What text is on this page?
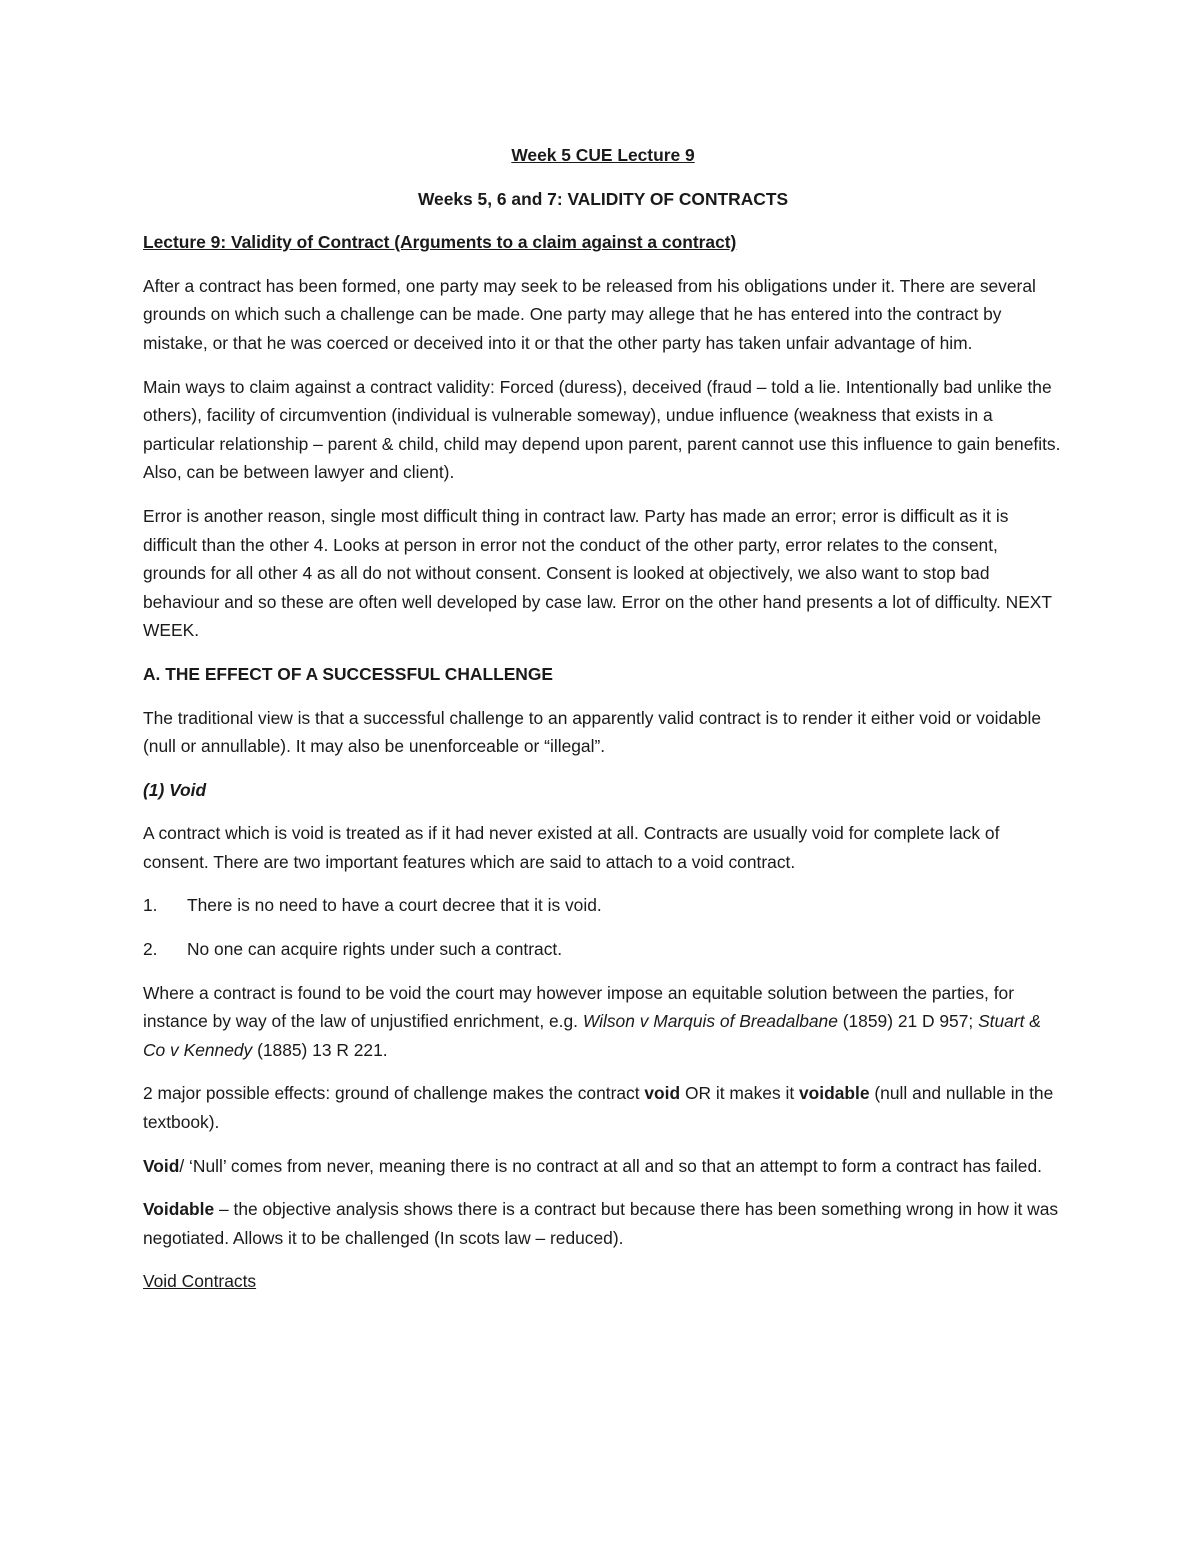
Week 5 CUE Lecture 9
Weeks 5, 6 and 7: VALIDITY OF CONTRACTS
Lecture 9: Validity of Contract (Arguments to a claim against a contract)

After a contract has been formed, one party may seek to be released from his obligations under it. There are several grounds on which such a challenge can be made. One party may allege that he has entered into the contract by mistake, or that he was coerced or deceived into it or that the other party has taken unfair advantage of him.

Main ways to claim against a contract validity: Forced (duress), deceived (fraud – told a lie. Intentionally bad unlike the others), facility of circumvention (individual is vulnerable someway), undue influence (weakness that exists in a particular relationship – parent & child, child may depend upon parent, parent cannot use this influence to gain benefits. Also, can be between lawyer and client).

Error is another reason, single most difficult thing in contract law. Party has made an error; error is difficult as it is difficult than the other 4. Looks at person in error not the conduct of the other party, error relates to the consent, grounds for all other 4 as all do not without consent. Consent is looked at objectively, we also want to stop bad behaviour and so these are often well developed by case law. Error on the other hand presents a lot of difficulty. NEXT WEEK.

A. THE EFFECT OF A SUCCESSFUL CHALLENGE

The traditional view is that a successful challenge to an apparently valid contract is to render it either void or voidable (null or annullable). It may also be unenforceable or “illegal”.

(1) Void

A contract which is void is treated as if it had never existed at all. Contracts are usually void for complete lack of consent. There are two important features which are said to attach to a void contract.

1.	There is no need to have a court decree that it is void.
2.	No one can acquire rights under such a contract.

Where a contract is found to be void the court may however impose an equitable solution between the parties, for instance by way of the law of unjustified enrichment, e.g. Wilson v Marquis of Breadalbane (1859) 21 D 957; Stuart & Co v Kennedy (1885) 13 R 221.

2 major possible effects: ground of challenge makes the contract void OR it makes it voidable (null and nullable in the textbook).

Void/ ‘Null’ comes from never, meaning there is no contract at all and so that an attempt to form a contract has failed.

Voidable – the objective analysis shows there is a contract but because there has been something wrong in how it was negotiated. Allows it to be challenged (In scots law – reduced).

Void Contracts
